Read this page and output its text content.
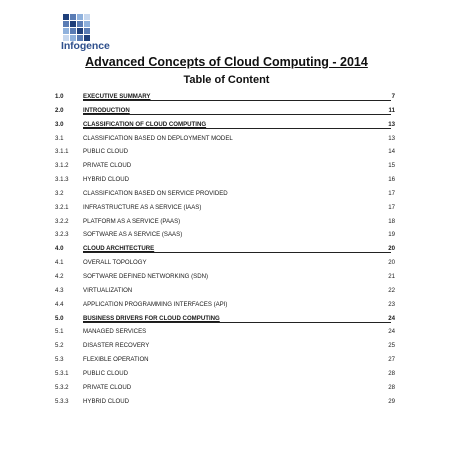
Infogence
Advanced Concepts of Cloud Computing - 2014
Table of Content
1.0	EXECUTIVE SUMMARY	7
2.0	INTRODUCTION	11
3.0	CLASSIFICATION OF CLOUD COMPUTING	13
3.1	CLASSIFICATION BASED ON DEPLOYMENT MODEL	13
3.1.1 PUBLIC CLOUD	14
3.1.2 PRIVATE CLOUD	15
3.1.3 HYBRID CLOUD	16
3.2	CLASSIFICATION BASED ON SERVICE PROVIDED	17
3.2.1 INFRASTRUCTURE AS A SERVICE (IAAS)	17
3.2.2 PLATFORM AS A SERVICE (PAAS)	18
3.2.3 SOFTWARE AS A SERVICE (SAAS)	19
4.0	CLOUD ARCHITECTURE	20
4.1	OVERALL TOPOLOGY	20
4.2	SOFTWARE DEFINED NETWORKING (SDN)	21
4.3	VIRTUALIZATION	22
4.4	APPLICATION PROGRAMMING INTERFACES (API)	23
5.0	BUSINESS DRIVERS FOR CLOUD COMPUTING	24
5.1	MANAGED SERVICES	24
5.2	DISASTER RECOVERY	25
5.3	FLEXIBLE OPERATION	27
5.3.1 PUBLIC CLOUD	28
5.3.2 PRIVATE CLOUD	28
5.3.3 HYBRID CLOUD	29
